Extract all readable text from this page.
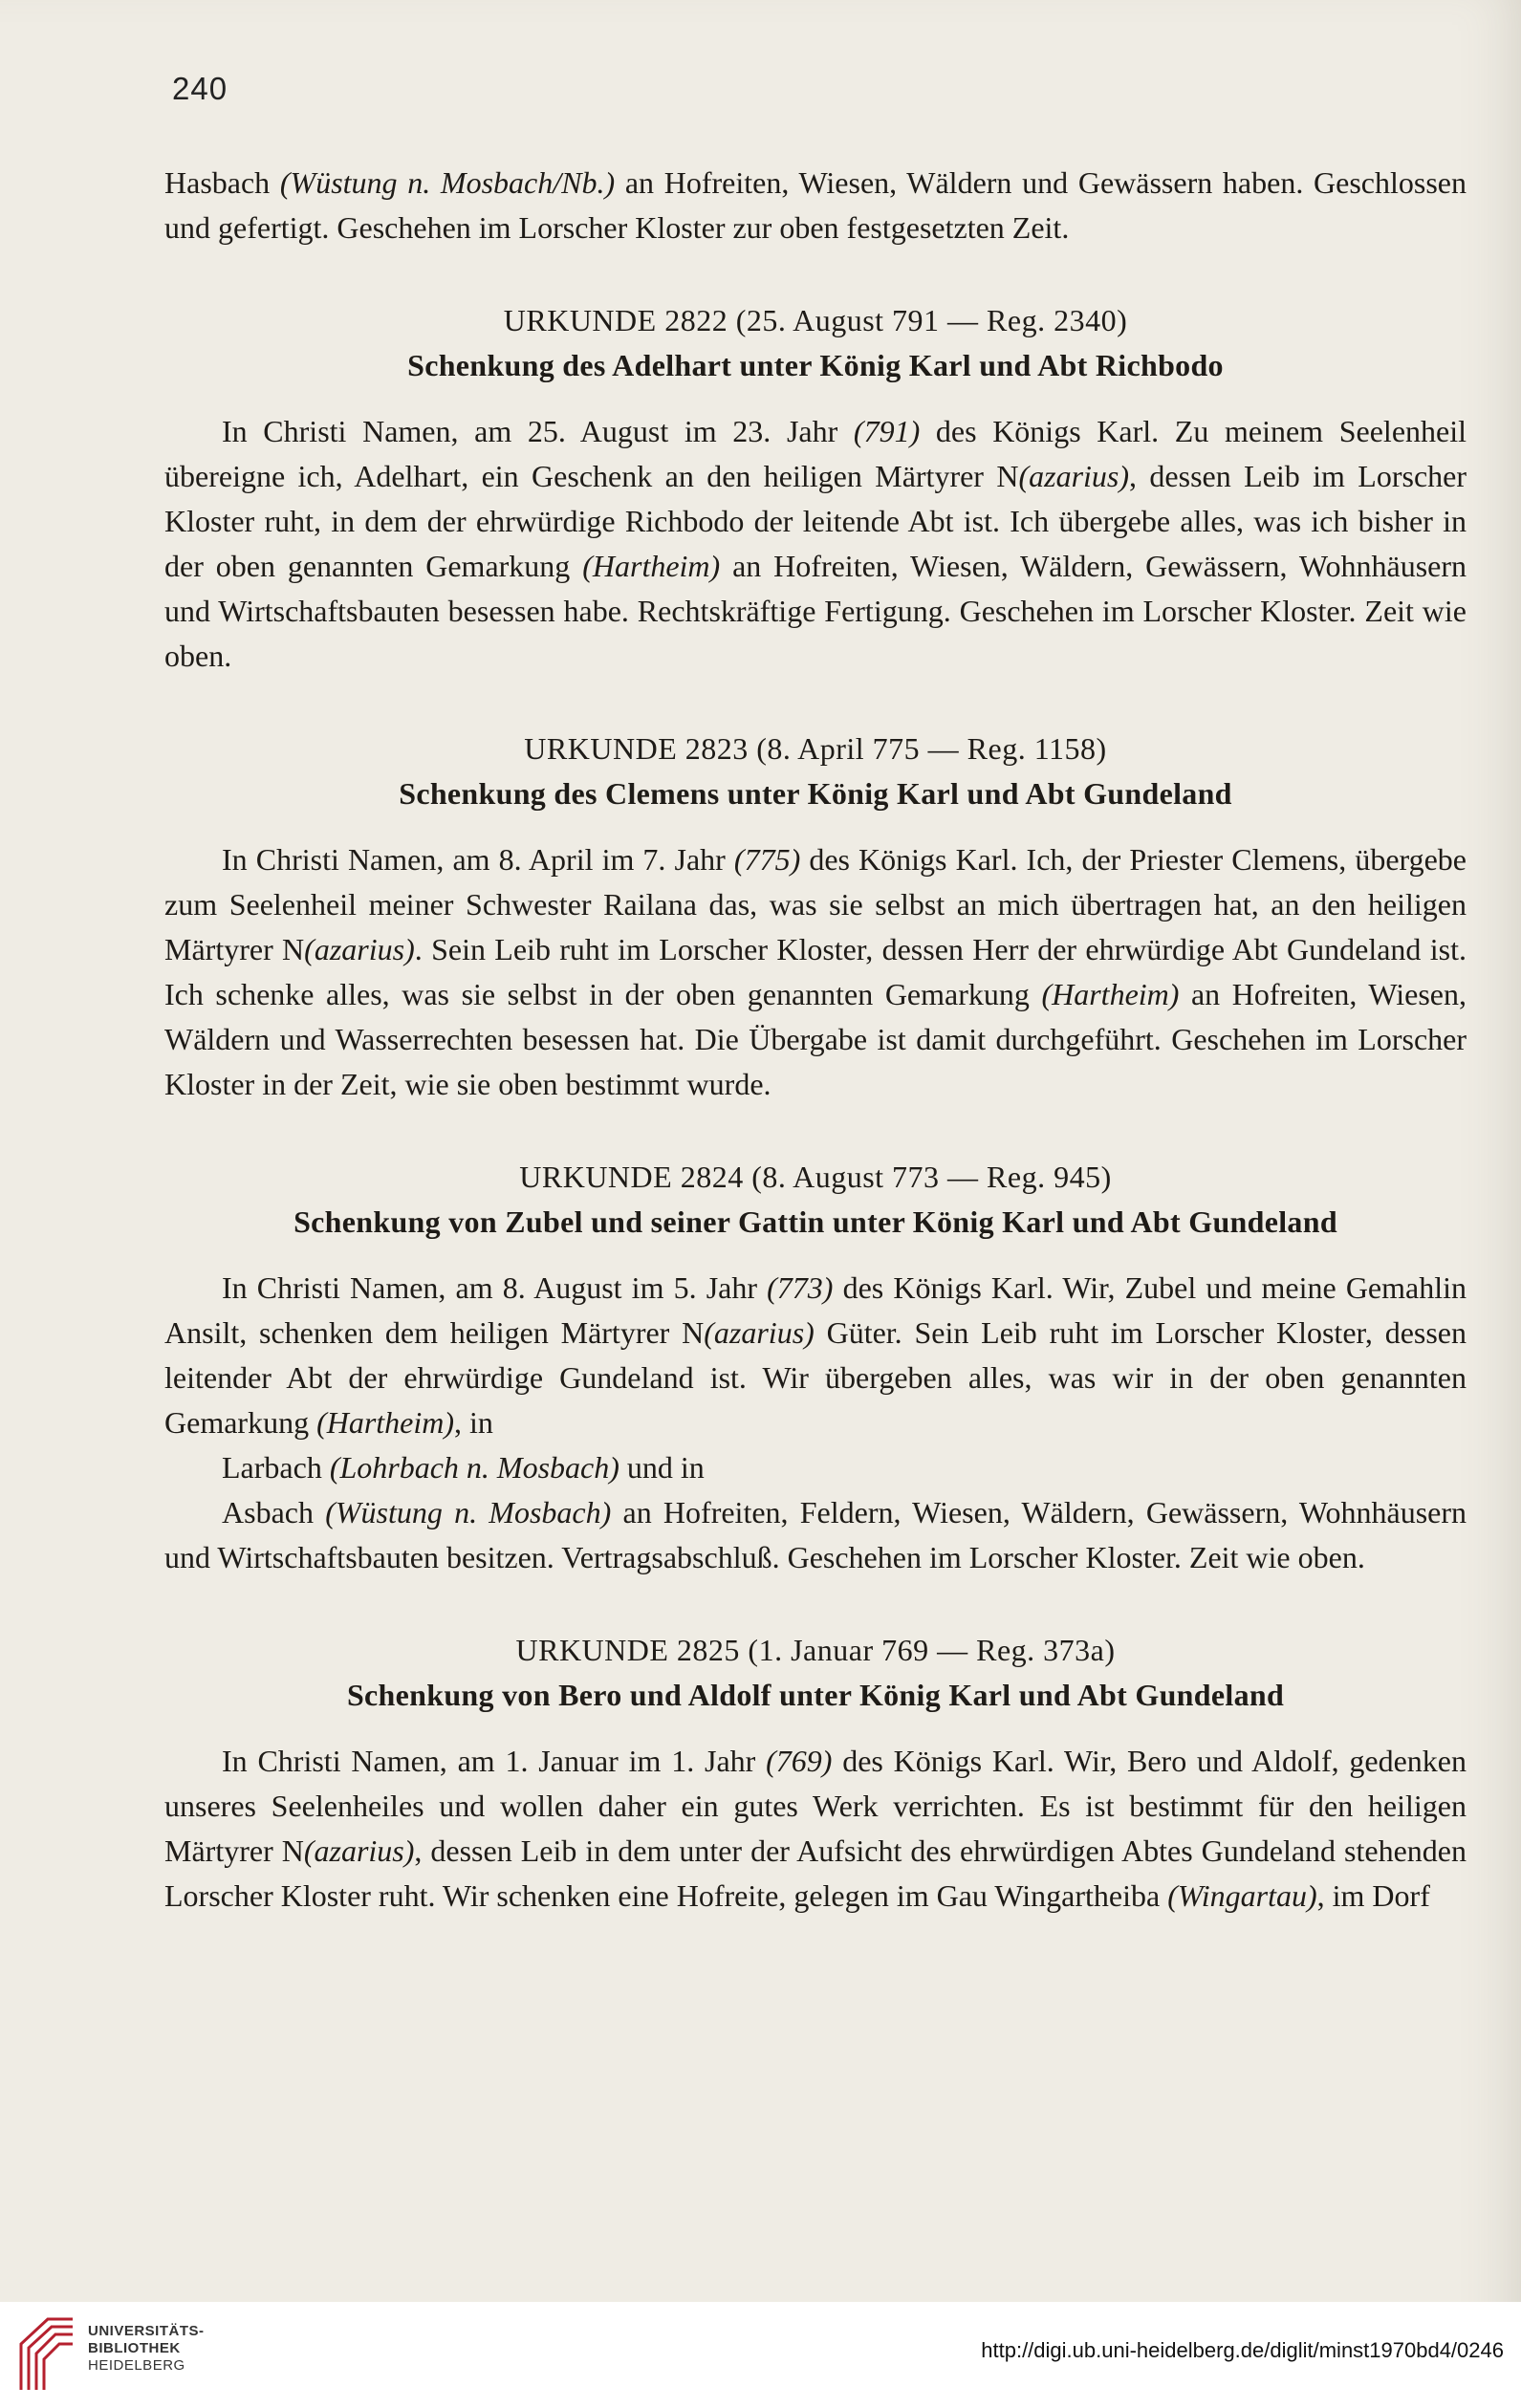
240

Hasbach (Wüstung n. Mosbach/Nb.) an Hofreiten, Wiesen, Wäldern und Gewässern haben. Geschlossen und gefertigt. Geschehen im Lorscher Kloster zur oben festgesetzten Zeit.

URKUNDE 2822 (25. August 791 — Reg. 2340)

Schenkung des Adelhart unter König Karl und Abt Richbodo

In Christi Namen, am 25. August im 23. Jahr (791) des Königs Karl. Zu meinem Seelenheil übereigne ich, Adelhart, ein Geschenk an den heiligen Märtyrer N(azarius), dessen Leib im Lorscher Kloster ruht, in dem der ehrwürdige Richbodo der leitende Abt ist. Ich übergebe alles, was ich bisher in der oben genannten Gemarkung (Hartheim) an Hofreiten, Wiesen, Wäldern, Gewässern, Wohnhäusern und Wirtschaftsbauten besessen habe. Rechtskräftige Fertigung. Geschehen im Lorscher Kloster. Zeit wie oben.

URKUNDE 2823 (8. April 775 — Reg. 1158)

Schenkung des Clemens unter König Karl und Abt Gundeland

In Christi Namen, am 8. April im 7. Jahr (775) des Königs Karl. Ich, der Priester Clemens, übergebe zum Seelenheil meiner Schwester Railana das, was sie selbst an mich übertragen hat, an den heiligen Märtyrer N(azarius). Sein Leib ruht im Lorscher Kloster, dessen Herr der ehrwürdige Abt Gundeland ist. Ich schenke alles, was sie selbst in der oben genannten Gemarkung (Hartheim) an Hofreiten, Wiesen, Wäldern und Wasserrechten besessen hat. Die Übergabe ist damit durchgeführt. Geschehen im Lorscher Kloster in der Zeit, wie sie oben bestimmt wurde.

URKUNDE 2824 (8. August 773 — Reg. 945)

Schenkung von Zubel und seiner Gattin unter König Karl und Abt Gundeland

In Christi Namen, am 8. August im 5. Jahr (773) des Königs Karl. Wir, Zubel und meine Gemahlin Ansilt, schenken dem heiligen Märtyrer N(azarius) Güter. Sein Leib ruht im Lorscher Kloster, dessen leitender Abt der ehrwürdige Gundeland ist. Wir übergeben alles, was wir in der oben genannten Gemarkung (Hartheim), in

Larbach (Lohrbach n. Mosbach) und in

Asbach (Wüstung n. Mosbach) an Hofreiten, Feldern, Wiesen, Wäldern, Gewässern, Wohnhäusern und Wirtschaftsbauten besitzen. Vertragsabschluß. Geschehen im Lorscher Kloster. Zeit wie oben.

URKUNDE 2825 (1. Januar 769 — Reg. 373a)

Schenkung von Bero und Aldolf unter König Karl und Abt Gundeland

In Christi Namen, am 1. Januar im 1. Jahr (769) des Königs Karl. Wir, Bero und Aldolf, gedenken unseres Seelenheiles und wollen daher ein gutes Werk verrichten. Es ist bestimmt für den heiligen Märtyrer N(azarius), dessen Leib in dem unter der Aufsicht des ehrwürdigen Abtes Gundeland stehenden Lorscher Kloster ruht. Wir schenken eine Hofreite, gelegen im Gau Wingartheiba (Wingartau), im Dorf

UNIVERSITÄTS-
BIBLIOTHEK
HEIDELBERG
http://digi.ub.uni-heidelberg.de/diglit/minst1970bd4/0246
